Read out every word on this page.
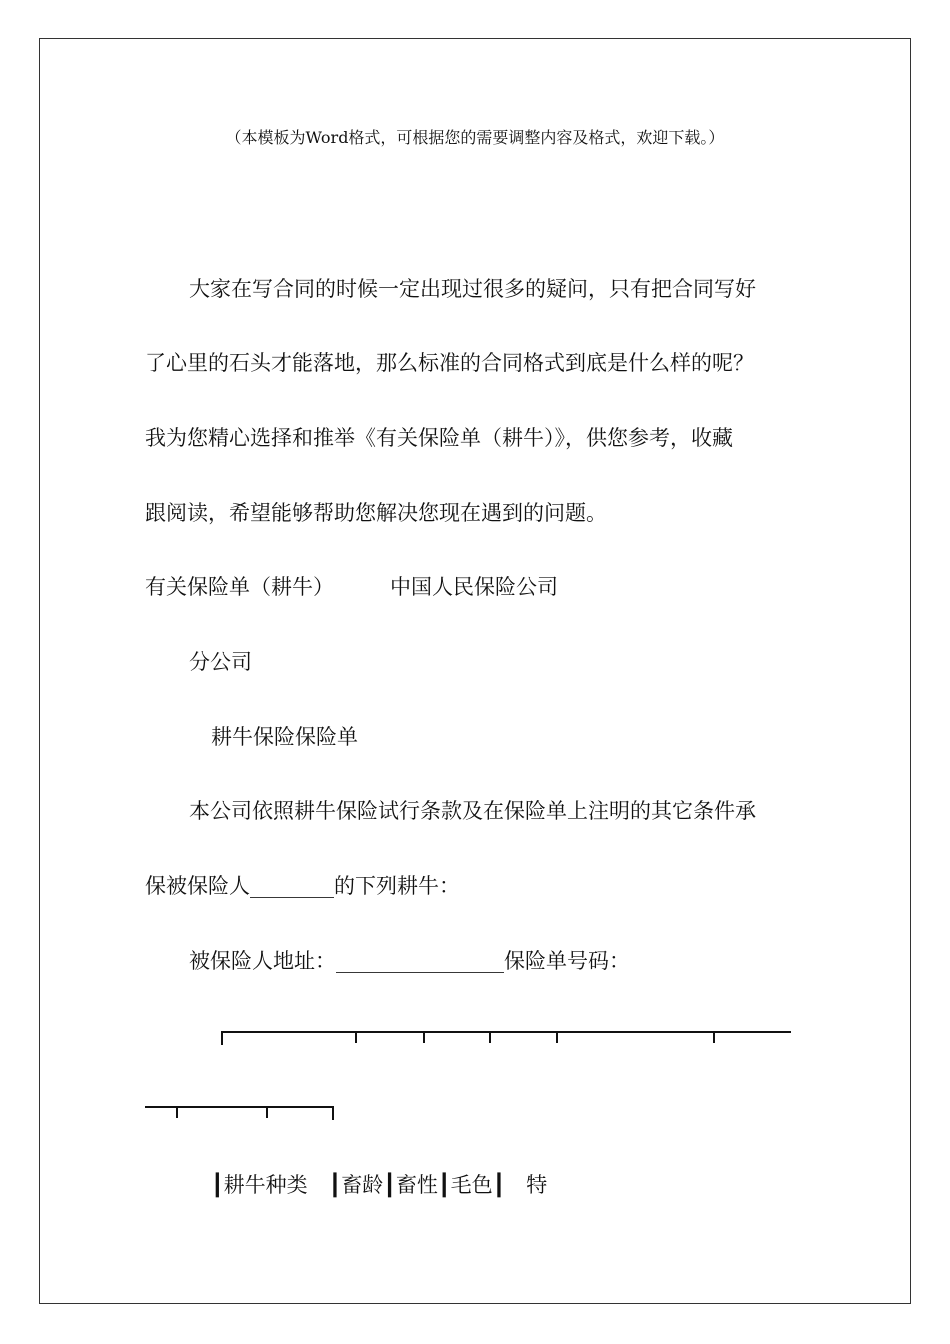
（本模板为Word格式，可根据您的需要调整内容及格式，欢迎下载。）
大家在写合同的时候一定出现过很多的疑问，只有把合同写好
了心里的石头才能落地，那么标准的合同格式到底是什么样的呢？
我为您精心选择和推举《有关保险单（耕牛）》，供您参考，收藏
跟阅读，希望能够帮助您解决您现在遇到的问题。
有关保险单（耕牛）	中国人民保险公司
分公司
耕牛保险保险单
本公司依照耕牛保险试行条款及在保险单上注明的其它条件承
保被保险人________的下列耕牛：
被保险人地址：________________保险单号码：
┃耕牛种类　┃畜龄┃畜性┃毛色┃　特
